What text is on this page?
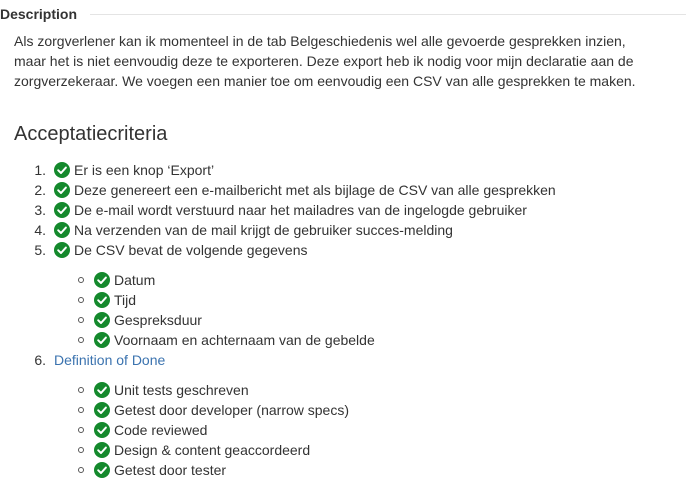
Description

Als zorgverlener kan ik momenteel in de tab Belgeschiedenis wel alle gevoerde gesprekken inzien,

maar het is niet eenvoudig deze te exporteren. Deze export heb ik nodig voor mijn declaratie aan de

zorgverzekeraar. We voegen een manier toe om eenvoudig een CSV van alle gesprekken te maken.

Acceptatiecriteria
1. Er is een knop ‘Export’
2. Deze genereert een e-mailbericht met als bijlage de CSV van alle gesprekken
3. De e-mail wordt verstuurd naar het mailadres van de ingelogde gebruiker
4. Na verzenden van de mail krijgt de gebruiker succes-melding
5. De CSV bevat de volgende gegevens
Datum
Tijd
Gespreksduur
Voornaam en achternaam van de gebelde
6. Definition of Done
Unit tests geschreven
Getest door developer (narrow specs)
Code reviewed
Design & content geaccordeerd
Getest door tester
